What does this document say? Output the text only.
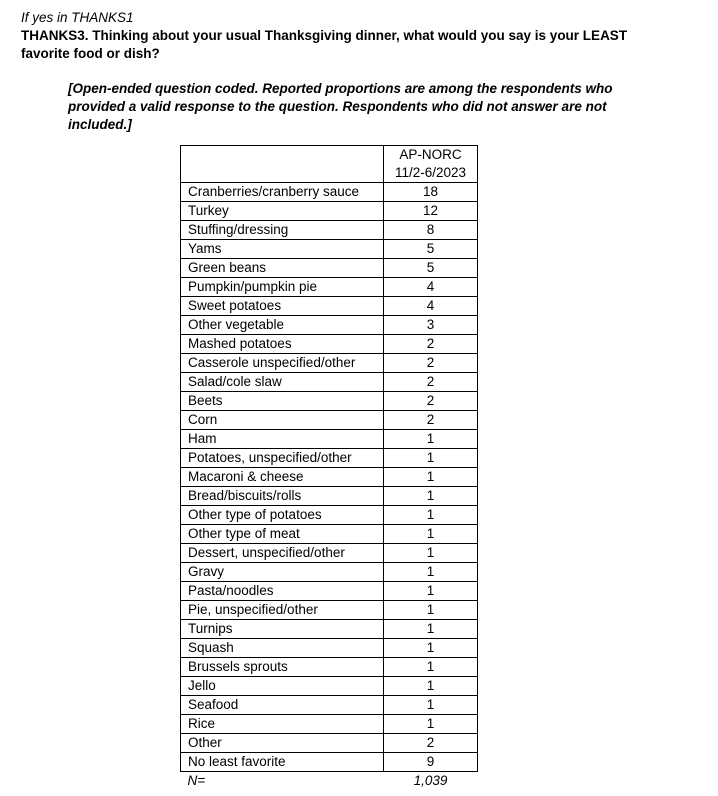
If yes in THANKS1
THANKS3. Thinking about your usual Thanksgiving dinner, what would you say is your LEAST favorite food or dish?
[Open-ended question coded. Reported proportions are among the respondents who provided a valid response to the question. Respondents who did not answer are not included.]

	AP-NORC
11/2-6/2023

Cranberries/cranberry sauce	18
Turkey	12
Stuffing/dressing	8
Yams	5
Green beans	5
Pumpkin/pumpkin pie	4
Sweet potatoes	4
Other vegetable	3
Mashed potatoes	2
Casserole unspecified/other	2
Salad/cole slaw	2
Beets	2
Corn	2
Ham	1
Potatoes, unspecified/other	1
Macaroni & cheese	1
Bread/biscuits/rolls	1
Other type of potatoes	1
Other type of meat	1
Dessert, unspecified/other	1
Gravy	1
Pasta/noodles	1
Pie, unspecified/other	1
Turnips	1
Squash	1
Brussels sprouts	1
Jello	1
Seafood	1
Rice	1
Other	2
No least favorite	9
N=	1,039
